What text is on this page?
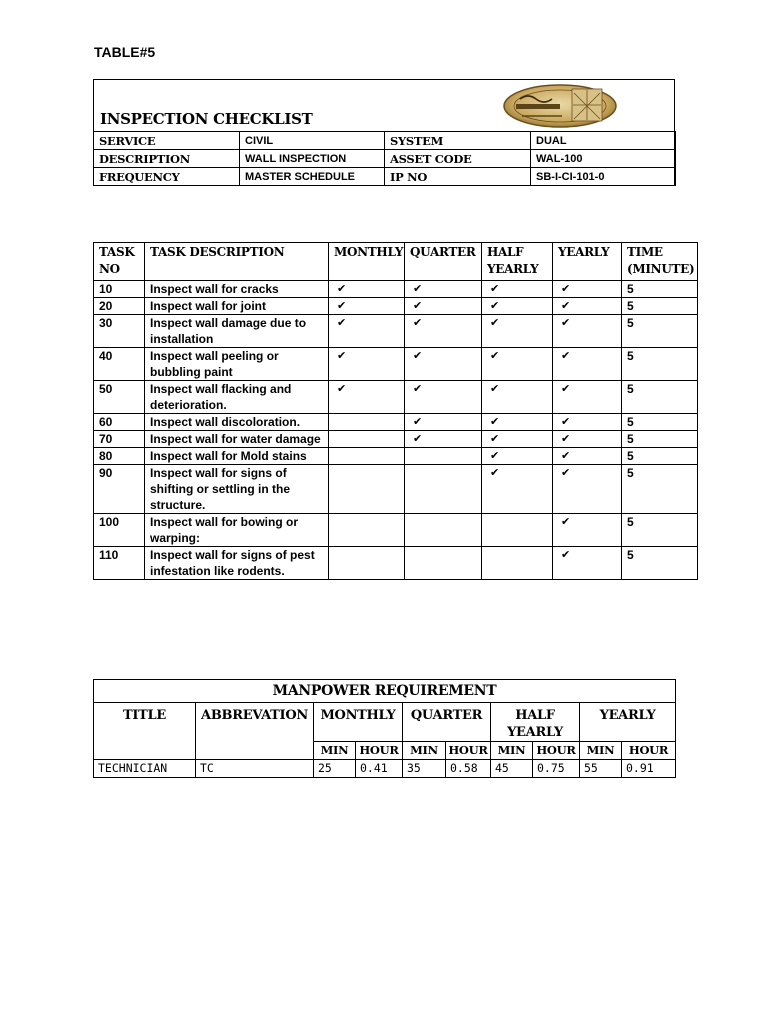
TABLE#5
INSPECTION CHECKLIST
SERVICE	CIVIL	SYSTEM	DUAL
DESCRIPTION	WALL INSPECTION	ASSET CODE	WAL-100
FREQUENCY	MASTER SCHEDULE	IP NO	SB-I-CI-101-0
TASK NO	TASK DESCRIPTION	MONTHLY	QUARTER	HALF YEARLY	YEARLY	TIME (MINUTE)
10	Inspect wall for cracks	✔	✔	✔	✔	5
20	Inspect wall for joint	✔	✔	✔	✔	5
30	Inspect wall damage due to installation	✔	✔	✔	✔	5
40	Inspect wall peeling or bubbling paint	✔	✔	✔	✔	5
50	Inspect wall flacking and deterioration.	✔	✔	✔	✔	5
60	Inspect wall discoloration.		✔	✔	✔	5
70	Inspect wall for water damage		✔	✔	✔	5
80	Inspect wall for Mold stains			✔	✔	5
90	Inspect wall for signs of shifting or settling in the structure.			✔	✔	5
100	Inspect wall for bowing or warping:				✔	5
110	Inspect wall for signs of pest infestation like rodents.				✔	5
MANPOWER REQUIREMENT									
TITLE	ABBREVATION	MONTHLY		QUARTER		HALF YEARLY		YEARLY	
		MIN	HOUR	MIN	HOUR	MIN	HOUR	MIN	HOUR
TECHNICIAN	TC	25	0.41	35	0.58	45	0.75	55	0.91
